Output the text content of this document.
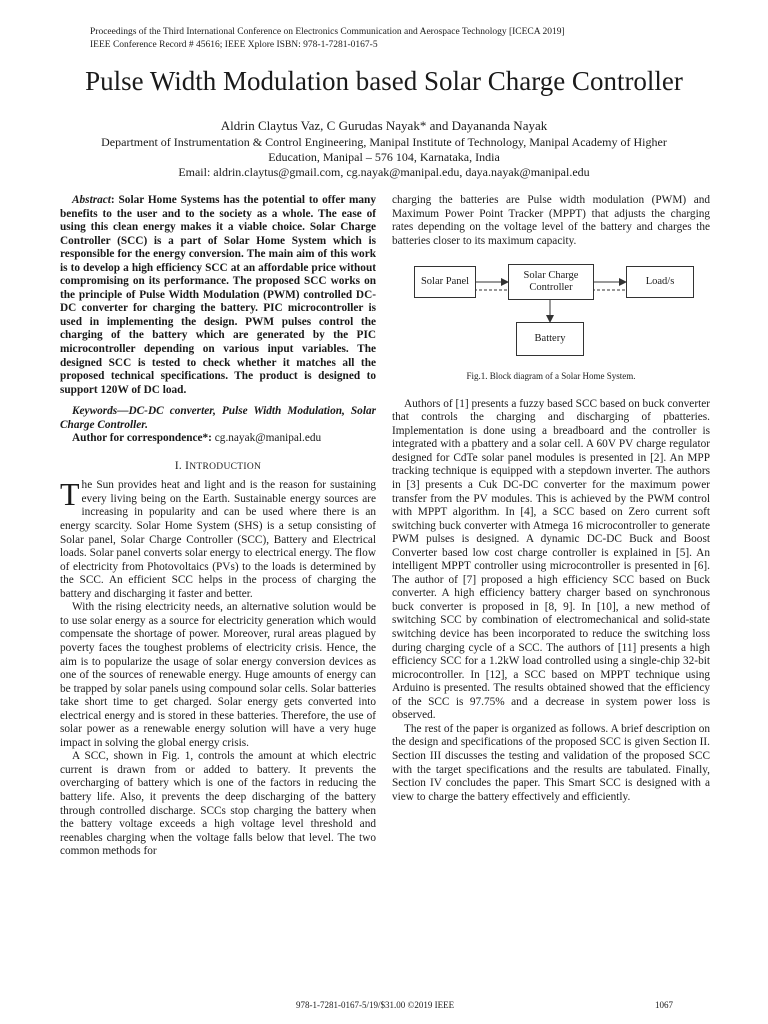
Proceedings of the Third International Conference on Electronics Communication and Aerospace Technology [ICECA 2019]
IEEE Conference Record # 45616; IEEE Xplore ISBN: 978-1-7281-0167-5
Pulse Width Modulation based Solar Charge Controller
Aldrin Claytus Vaz, C Gurudas Nayak* and Dayananda Nayak
Department of Instrumentation & Control Engineering, Manipal Institute of Technology, Manipal Academy of Higher
Education, Manipal – 576 104, Karnataka, India
Email: aldrin.claytus@gmail.com, cg.nayak@manipal.edu, daya.nayak@manipal.edu

Abstract: Solar Home Systems has the potential to offer many benefits to the user and to the society as a whole. The ease of using this clean energy makes it a viable choice. Solar Charge Controller (SCC) is a part of Solar Home System which is responsible for the energy conversion. The main aim of this work is to develop a high efficiency SCC at an affordable price without compromising on its performance. The proposed SCC works on the principle of Pulse Width Modulation (PWM) controlled DC-DC converter for charging the battery. PIC microcontroller is used in implementing the design. PWM pulses control the charging of the battery which are generated by the PIC microcontroller depending on various input variables. The designed SCC is tested to check whether it matches all the proposed technical specifications. The product is designed to support 120W of DC load.

Keywords—DC-DC converter, Pulse Width Modulation, Solar Charge Controller.

Author for correspondence*: cg.nayak@manipal.edu

I. INTRODUCTION

The Sun provides heat and light and is the reason for sustaining every living being on the Earth. Sustainable energy sources are increasing in popularity and can be used where there is an energy scarcity. Solar Home System (SHS) is a setup consisting of Solar panel, Solar Charge Controller (SCC), Battery and Electrical loads. Solar panel converts solar energy to electrical energy. The flow of electricity from Photovoltaics (PVs) to the loads is determined by the SCC. An efficient SCC helps in the process of charging the battery and discharging it faster and better.

With the rising electricity needs, an alternative solution would be to use solar energy as a source for electricity generation which would compensate the shortage of power. Moreover, rural areas plagued by poverty faces the toughest problems of electricity crisis. Hence, the aim is to popularize the usage of solar energy conversion devices as one of the sources of renewable energy. Huge amounts of energy can be trapped by solar panels using compound solar cells. Solar batteries take short time to get charged. Solar energy gets converted into electrical energy and is stored in these batteries. Therefore, the use of solar power as a renewable energy solution will have a very huge impact in solving the global energy crisis.

A SCC, shown in Fig. 1, controls the amount at which electric current is drawn from or added to battery. It prevents the overcharging of battery which is one of the factors in reducing the battery life. Also, it prevents the deep discharging of the battery through controlled discharge. SCCs stop charging the battery when the battery voltage exceeds a high voltage level threshold and reenables charging when the voltage falls below that level. The two common methods for

charging the batteries are Pulse width modulation (PWM) and Maximum Power Point Tracker (MPPT) that adjusts the charging rates depending on the voltage level of the battery and charges the batteries closer to its maximum capacity.

Solar Panel
Solar Charge
Controller
Load/s
Battery

Fig.1. Block diagram of a Solar Home System.

Authors of [1] presents a fuzzy based SCC based on buck converter that controls the charging and discharging of pbatteries. Implementation is done using a breadboard and the controller is integrated with a pbattery and a solar cell. A 60V PV charge regulator designed for CdTe solar panel modules is presented in [2]. An MPP tracking technique is equipped with a stepdown inverter. The authors in [3] presents a Cuk DC-DC converter for the maximum power transfer from the PV modules. This is achieved by the PWM control with MPPT algorithm. In [4], a SCC based on Zero current soft switching buck converter with Atmega 16 microcontroller to generate PWM pulses is designed. A dynamic DC-DC Buck and Boost Converter based low cost charge controller is explained in [5]. An intelligent MPPT controller using microcontroller is presented in [6]. The author of [7] proposed a high efficiency SCC based on Buck converter. A high efficiency battery charger based on synchronous buck converter is proposed in [8, 9]. In [10], a new method of switching SCC by combination of electromechanical and solid-state switching device has been incorporated to reduce the switching loss during charging cycle of a SCC. The authors of [11] presents a high efficiency SCC for a 1.2kW load controlled using a single-chip 32-bit microcontroller. In [12], a SCC based on MPPT technique using Arduino is presented. The results obtained showed that the efficiency of the SCC is 97.75% and a decrease in system power loss is observed.

The rest of the paper is organized as follows. A brief description on the design and specifications of the proposed SCC is given Section II. Section III discusses the testing and validation of the proposed SCC with the target specifications and the results are tabulated. Finally, Section IV concludes the paper. This Smart SCC is designed with a view to charge the battery effectively and efficiently.

978-1-7281-0167-5/19/$31.00 ©2019 IEEE	1067
